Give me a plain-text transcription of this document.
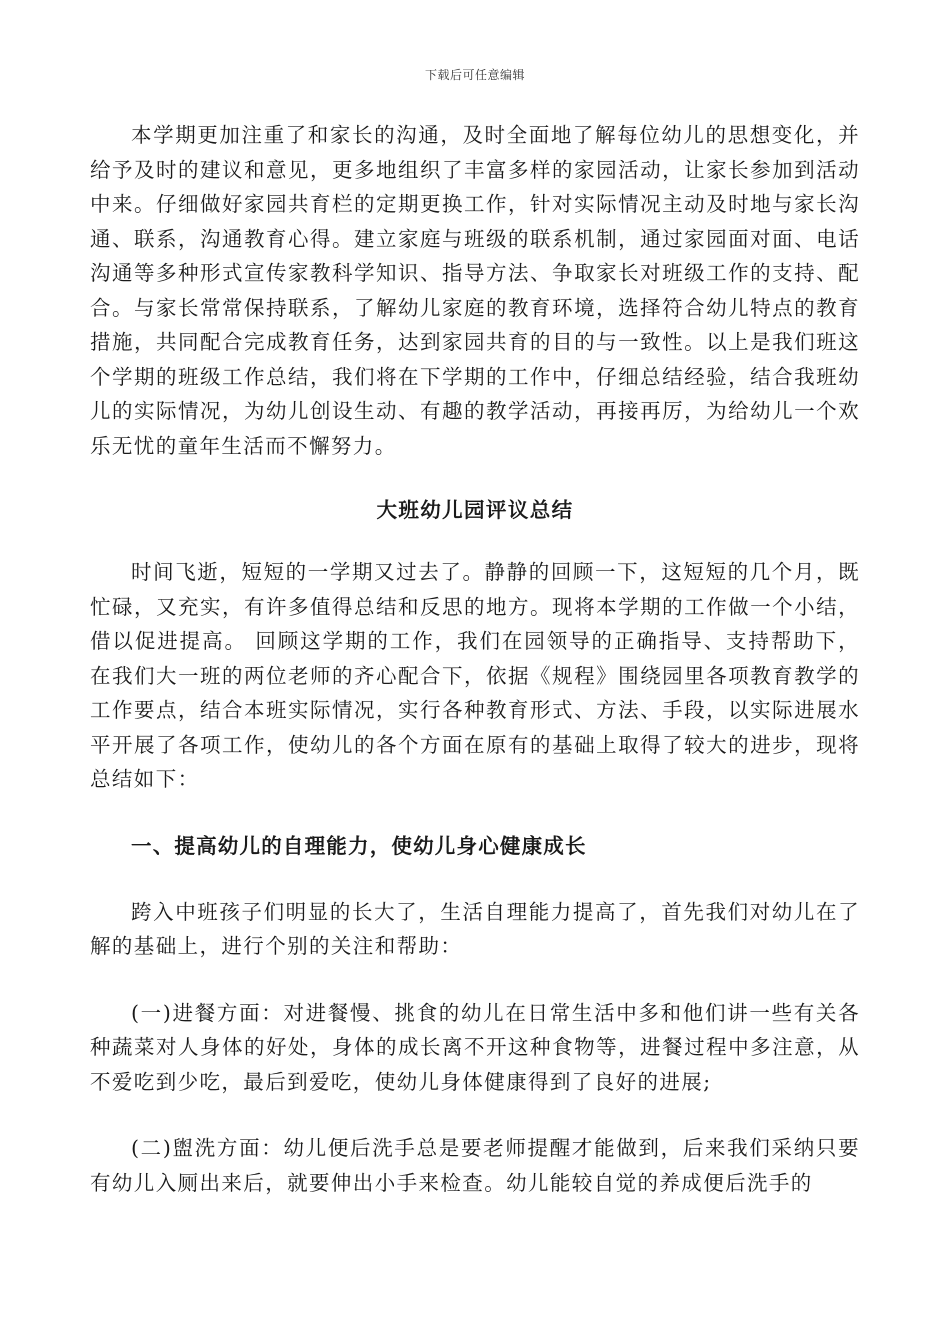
下载后可任意编辑

本学期更加注重了和家长的沟通，及时全面地了解每位幼儿的思想变化，并给予及时的建议和意见，更多地组织了丰富多样的家园活动，让家长参加到活动中来。仔细做好家园共育栏的定期更换工作，针对实际情况主动及时地与家长沟通、联系，沟通教育心得。建立家庭与班级的联系机制，通过家园面对面、电话沟通等多种形式宣传家教科学知识、指导方法、争取家长对班级工作的支持、配合。与家长常常保持联系，了解幼儿家庭的教育环境，选择符合幼儿特点的教育措施，共同配合完成教育任务，达到家园共育的目的与一致性。以上是我们班这个学期的班级工作总结，我们将在下学期的工作中，仔细总结经验，结合我班幼儿的实际情况，为幼儿创设生动、有趣的教学活动，再接再厉，为给幼儿一个欢乐无忧的童年生活而不懈努力。

大班幼儿园评议总结

时间飞逝，短短的一学期又过去了。静静的回顾一下，这短短的几个月，既忙碌，又充实，有许多值得总结和反思的地方。现将本学期的工作做一个小结，借以促进提高。 回顾这学期的工作，我们在园领导的正确指导、支持帮助下，在我们大一班的两位老师的齐心配合下，依据《规程》围绕园里各项教育教学的工作要点，结合本班实际情况，实行各种教育形式、方法、手段，以实际进展水平开展了各项工作，使幼儿的各个方面在原有的基础上取得了较大的进步，现将总结如下：

一、提高幼儿的自理能力，使幼儿身心健康成长

跨入中班孩子们明显的长大了，生活自理能力提高了，首先我们对幼儿在了解的基础上，进行个别的关注和帮助：

(一)进餐方面：对进餐慢、挑食的幼儿在日常生活中多和他们讲一些有关各种蔬菜对人身体的好处，身体的成长离不开这种食物等，进餐过程中多注意，从不爱吃到少吃，最后到爱吃，使幼儿身体健康得到了良好的进展;

(二)盥洗方面：幼儿便后洗手总是要老师提醒才能做到，后来我们采纳只要有幼儿入厕出来后，就要伸出小手来检查。幼儿能较自觉的养成便后洗手的
